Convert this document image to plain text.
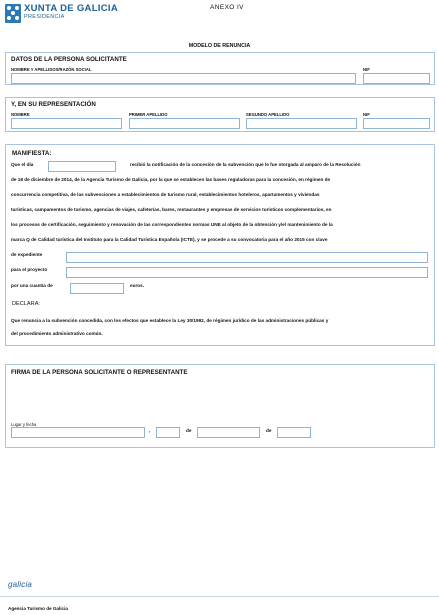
XUNTA DE GALICIA
PRESIDENCIA
ANEXO IV
MODELO DE RENUNCIA
DATOS DE LA PERSONA SOLICITANTE
NOMBRE Y APELLIDOS/RAZÓN SOCIAL	NIF
Y, EN SU REPRESENTACIÓN
NOMBRE	PRIMER APELLIDO	SEGUNDO APELLIDO	NIF
MANIFIESTA:
Que el día	recibió la notificación de la concesión de la subvención que le fue otorgada al amparo de la Resolución
de 18 de diciembre de 2014, de la Agencia Turismo de Galicia, por la que se establecen las bases reguladoras para la concesión, en régimen de
concurrencia competitiva, de las subvenciones a establecimientos de turismo rural, establecimientos hoteleros, apartamentos y viviendas
turísticas, campamentos de turismo, agencias de viajes, cafeterías, bares, restaurantes y empresas de servicios turísticos complementarios, en
los procesos de certificación, seguimiento y renovación de las correspondientes normas UNE al objeto de la obtención y/el mantenimiento de la
marca Q de Calidad turística del Instituto para la Calidad Turística Española (ICTE), y se procede a su convocatoria para el año 2015 con clave
de expediente
para el proyecto
por una cuantía de	euros.
DECLARA:
Que renuncia a la subvención concedida, con los efectos que establece la Ley 30/1992, de régimen jurídico de las administraciones públicas y
del procedimiento administrativo común.
FIRMA DE LA PERSONA SOLICITANTE O REPRESENTANTE
Lugar y fecha
,	de	de
galicia
Agencia Turismo de Galicia
